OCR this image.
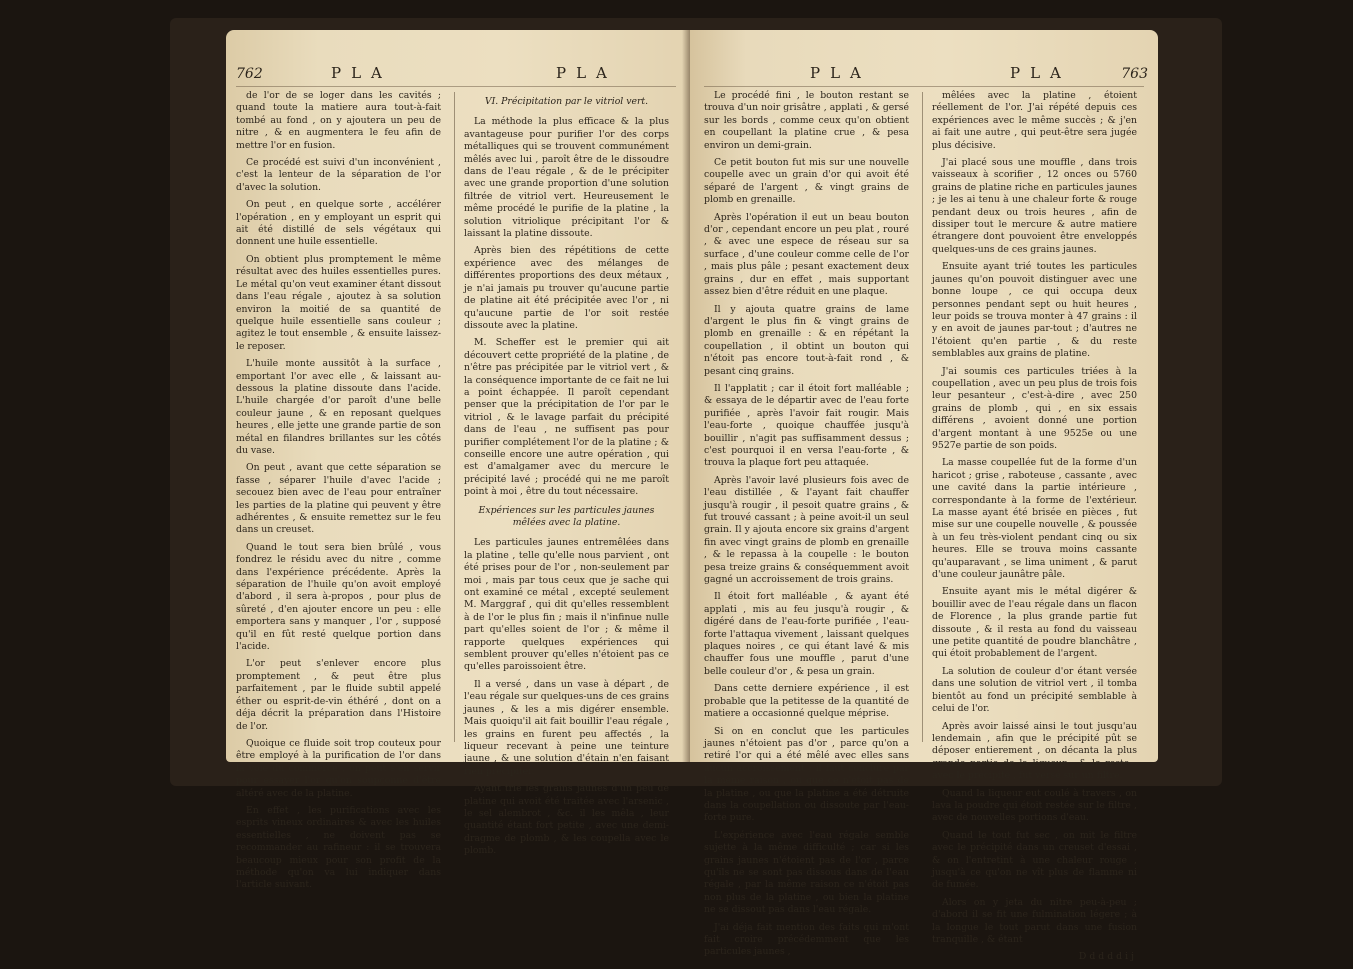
762	PLA	PLA

de l'or de se loger dans les cavités ; quand toute la matiere aura tout-à-fait tombé au fond , on y ajoutera un peu de nitre , & en augmentera le feu afin de mettre l'or en fusion.

Ce procédé est suivi d'un inconvénient , c'est la lenteur de la séparation de l'or d'avec la solution.

On peut , en quelque sorte , accélérer l'opération , en y employant un esprit qui ait été distillé de sels végétaux qui donnent une huile essentielle.

On obtient plus promptement le même résultat avec des huiles essentielles pures. Le métal qu'on veut examiner étant dissout dans l'eau régale , ajoutez à sa solution environ la moitié de sa quantité de quelque huile essentielle sans couleur ; agitez le tout ensemble , & ensuite laissez-le reposer.

L'huile monte aussitôt à la surface , emportant l'or avec elle , & laissant au-dessous la platine dissoute dans l'acide. L'huile chargée d'or paroît d'une belle couleur jaune , & en reposant quelques heures , elle jette une grande partie de son métal en filandres brillantes sur les côtés du vase.

On peut , avant que cette séparation se fasse , séparer l'huile d'avec l'acide ; secouez bien avec de l'eau pour entraîner les parties de la platine qui peuvent y être adhérentes , & ensuite remettez sur le feu dans un creuset.

Quand le tout sera bien brûlé , vous fondrez le résidu avec du nitre , comme dans l'expérience précédente. Après la séparation de l'huile qu'on avoit employé d'abord , il sera à-propos , pour plus de sûreté , d'en ajouter encore un peu : elle emportera sans y manquer , l'or , supposé qu'il en fût resté quelque portion dans l'acide.

L'or peut s'enlever encore plus promptement , & peut être plus parfaitement , par le fluide subtil appelé éther ou esprit-de-vin éthéré , dont on a déja décrit la préparation dans l'Histoire de l'or.

Quoique ce fluide soit trop couteux pour être employé à la purification de l'or dans la voie du commerce , on peut s'en servir pour essayer l'or qu'on soupçonne d'être altéré avec de la platine.

En effet , les purifications avec les esprits vineux ordinaires & avec les huiles essentielles , ne doivent pas se recommander au rafineur : il se trouvera beaucoup mieux pour son profit de la méthode qu'on va lui indiquer dans l'article suivant.

VI. Précipitation par le vitriol vert.

La méthode la plus efficace & la plus avantageuse pour purifier l'or des corps métalliques qui se trouvent communément mêlés avec lui , paroît être de le dissoudre dans de l'eau régale , & de le précipiter avec une grande proportion d'une solution filtrée de vitriol vert. Heureusement le même procédé le purifie de la platine , la solution vitriolique précipitant l'or & laissant la platine dissoute.

Après bien des répétitions de cette expérience avec des mélanges de différentes proportions des deux métaux , je n'ai jamais pu trouver qu'aucune partie de platine ait été précipitée avec l'or , ni qu'aucune partie de l'or soit restée dissoute avec la platine.

M. Scheffer est le premier qui ait découvert cette propriété de la platine , de n'être pas précipitée par le vitriol vert , & la conséquence importante de ce fait ne lui a point échappée. Il paroît cependant penser que la précipitation de l'or par le vitriol , & le lavage parfait du précipité dans de l'eau , ne suffisent pas pour purifier complétement l'or de la platine ; & conseille encore une autre opération , qui est d'amalgamer avec du mercure le précipité lavé ; procédé qui ne me paroît point à moi , être du tout nécessaire.

Expériences sur les particules jaunes mêlées avec la platine.

Les particules jaunes entremêlées dans la platine , telle qu'elle nous parvient , ont été prises pour de l'or , non-seulement par moi , mais par tous ceux que je sache qui ont examiné ce métal , excepté seulement M. Marggraf , qui dit qu'elles ressemblent à de l'or le plus fin ; mais il n'infinue nulle part qu'elles soient de l'or ; & même il rapporte quelques expériences qui semblent prouver qu'elles n'étoient pas ce qu'elles paroissoient être.

Il a versé , dans un vase à départ , de l'eau régale sur quelques-uns de ces grains jaunes , & les a mis digérer ensemble. Mais quoiqu'il ait fait bouillir l'eau régale , les grains en furent peu affectés , la liqueur recevant à peine une teinture jaune , & une solution d'étain n'en faisant rien précipiter.

Ayant trié les grains jaunes d'un peu de platine qui avoit été traitée avec l'arsenic , le sel alembrot , &c. il les mêla , leur quantité étant fort petite , avec une demi-dragme de plomb , & les coupella avec le plomb.

PLA	PLA	763

Le procédé fini , le bouton restant se trouva d'un noir grisâtre , applati , & gersé sur les bords , comme ceux qu'on obtient en coupellant la platine crue , & pesa environ un demi-grain.

Ce petit bouton fut mis sur une nouvelle coupelle avec un grain d'or qui avoit été séparé de l'argent , & vingt grains de plomb en grenaille.

Après l'opération il eut un beau bouton d'or , cependant encore un peu plat , rouré , & avec une espece de réseau sur sa surface , d'une couleur comme celle de l'or , mais plus pâle ; pesant exactement deux grains , dur en effet , mais supportant assez bien d'être réduit en une plaque.

Il y ajouta quatre grains de lame d'argent le plus fin & vingt grains de plomb en grenaille : & en répétant la coupellation , il obtint un bouton qui n'étoit pas encore tout-à-fait rond , & pesant cinq grains.

Il l'applatit ; car il étoit fort malléable ; & essaya de le départir avec de l'eau forte purifiée , après l'avoir fait rougir. Mais l'eau-forte , quoique chauffée jusqu'à bouillir , n'agit pas suffisamment dessus ; c'est pourquoi il en versa l'eau-forte , & trouva la plaque fort peu attaquée.

Après l'avoir lavé plusieurs fois avec de l'eau distillée , & l'ayant fait chauffer jusqu'à rougir , il pesoit quatre grains , & fut trouvé cassant ; à peine avoit-il un seul grain. Il y ajouta encore six grains d'argent fin avec vingt grains de plomb en grenaille , & le repassa à la coupelle : le bouton pesa treize grains & conséquemment avoit gagné un accroissement de trois grains.

Il étoit fort malléable , & ayant été applati , mis au feu jusqu'à rougir , & digéré dans de l'eau-forte purifiée , l'eau-forte l'attaqua vivement , laissant quelques plaques noires , ce qui étant lavé & mis chauffer fous une mouffle , parut d'une belle couleur d'or , & pesa un grain.

Dans cette derniere expérience , il est probable que la petitesse de la quantité de matiere a occasionné quelque méprise.

Si on en conclut que les particules jaunes n'étoient pas d'or , parce qu'on a retiré l'or qui a été mêlé avec elles sans aucun accroissement ; il faut conclure par la même raison , ou que ce n'étoit pas de la platine , ou que la platine a été détruite dans la coupellation ou dissoute par l'eau-forte pure.

L'expérience avec l'eau régale semble sujette à la même difficulté ; car si les grains jaunes n'étoient pas de l'or , parce qu'ils ne se sont pas dissous dans de l'eau régale , par la même raison ce n'étoit pas non plus de la platine , ou bien la platine ne se dissout pas dans l'eau régale.

J'ai déja fait mention des faits qui m'ont fait croire précédemment que les particules jaunes ,

mêlées avec la platine , étoient réellement de l'or. J'ai répété depuis ces expériences avec le même succès ; & j'en ai fait une autre , qui peut-être sera jugée plus décisive.

J'ai placé sous une mouffle , dans trois vaisseaux à scorifier , 12 onces ou 5760 grains de platine riche en particules jaunes ; je les ai tenu à une chaleur forte & rouge pendant deux ou trois heures , afin de dissiper tout le mercure & autre matiere étrangere dont pouvoient être enveloppés quelques-uns de ces grains jaunes.

Ensuite ayant trié toutes les particules jaunes qu'on pouvoit distinguer avec une bonne loupe , ce qui occupa deux personnes pendant sept ou huit heures , leur poids se trouva monter à 47 grains : il y en avoit de jaunes par-tout ; d'autres ne l'étoient qu'en partie , & du reste semblables aux grains de platine.

J'ai soumis ces particules triées à la coupellation , avec un peu plus de trois fois leur pesanteur , c'est-à-dire , avec 250 grains de plomb , qui , en six essais différens , avoient donné une portion d'argent montant à une 9525e ou une 9527e partie de son poids.

La masse coupellée fut de la forme d'un haricot ; grise , raboteuse , cassante , avec une cavité dans la partie intérieure , correspondante à la forme de l'extérieur. La masse ayant été brisée en pièces , fut mise sur une coupelle nouvelle , & poussée à un feu très-violent pendant cinq ou six heures. Elle se trouva moins cassante qu'auparavant , se lima uniment , & parut d'une couleur jaunâtre pâle.

Ensuite ayant mis le métal digérer & bouillir avec de l'eau régale dans un flacon de Florence , la plus grande partie fut dissoute , & il resta au fond du vaisseau une petite quantité de poudre blanchâtre , qui étoit probablement de l'argent.

La solution de couleur d'or étant versée dans une solution de vitriol vert , il tomba bientôt au fond un précipité semblable à celui de l'or.

Après avoir laissé ainsi le tout jusqu'au lendemain , afin que le précipité pût se déposer entierement , on décanta la plus grande partie de la liqueur , & le reste , avec le précipité , fut versé sur un filtre.

Quand la liqueur eut coulé à travers , on lava la poudre qui étoit restée sur le filtre , avec de nouvelles portions d'eau.

Quand le tout fut sec , on mit le filtre avec le précipité dans un creuset d'essai , & on l'entretint à une chaleur rouge , jusqu'à ce qu'on ne vît plus de flamme ni de fumée.

Alors on y jeta du nitre peu-à-peu ; d'abord il se fit une fulmination légere ; à la longue le tout parut dans une fusion tranquille , & étant

Dddddij
